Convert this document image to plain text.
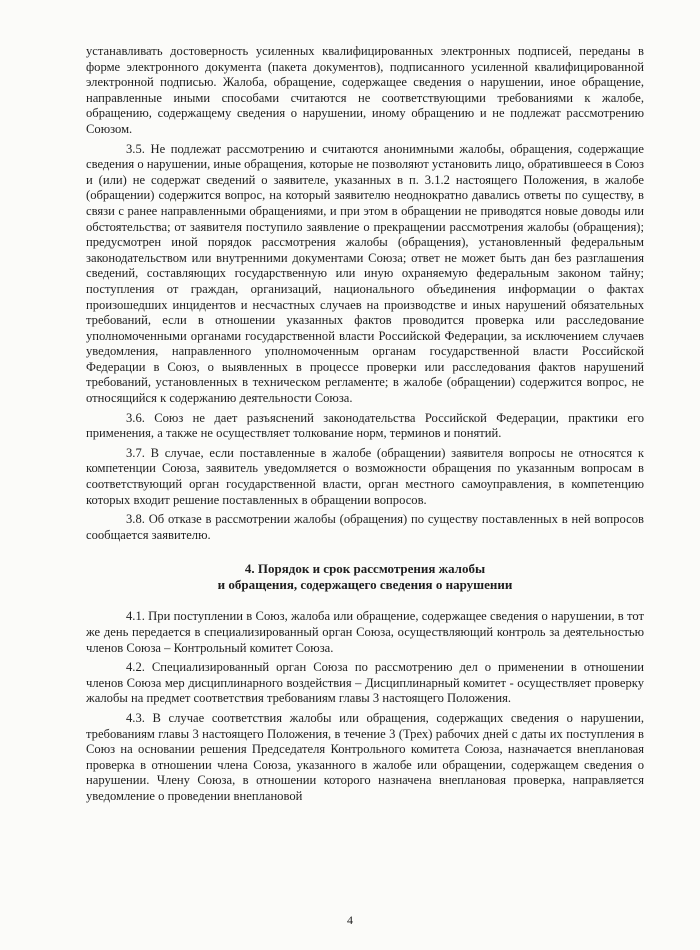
устанавливать достоверность усиленных квалифицированных электронных подписей, переданы в форме электронного документа (пакета документов), подписанного усиленной квалифицированной электронной подписью. Жалоба, обращение, содержащее сведения о нарушении, иное обращение, направленные иными способами считаются не соответствующими требованиями к жалобе, обращению, содержащему сведения о нарушении, иному обращению и не подлежат рассмотрению Союзом.

3.5. Не подлежат рассмотрению и считаются анонимными жалобы, обращения, содержащие сведения о нарушении, иные обращения, которые не позволяют установить лицо, обратившееся в Союз и (или) не содержат сведений о заявителе, указанных в п. 3.1.2 настоящего Положения, в жалобе (обращении) содержится вопрос, на который заявителю неоднократно давались ответы по существу, в связи с ранее направленными обращениями, и при этом в обращении не приводятся новые доводы или обстоятельства; от заявителя поступило заявление о прекращении рассмотрения жалобы (обращения); предусмотрен иной порядок рассмотрения жалобы (обращения), установленный федеральным законодательством или внутренними документами Союза; ответ не может быть дан без разглашения сведений, составляющих государственную или иную охраняемую федеральным законом тайну; поступления от граждан, организаций, национального объединения информации о фактах произошедших инцидентов и несчастных случаев на производстве и иных нарушений обязательных требований, если в отношении указанных фактов проводится проверка или расследование уполномоченными органами государственной власти Российской Федерации, за исключением случаев уведомления, направленного уполномоченным органам государственной власти Российской Федерации в Союз, о выявленных в процессе проверки или расследования фактов нарушений требований, установленных в техническом регламенте; в жалобе (обращении) содержится вопрос, не относящийся к содержанию деятельности Союза.

3.6. Союз не дает разъяснений законодательства Российской Федерации, практики его применения, а также не осуществляет толкование норм, терминов и понятий.

3.7. В случае, если поставленные в жалобе (обращении) заявителя вопросы не относятся к компетенции Союза, заявитель уведомляется о возможности обращения по указанным вопросам в соответствующий орган государственной власти, орган местного самоуправления, в компетенцию которых входит решение поставленных в обращении вопросов.

3.8. Об отказе в рассмотрении жалобы (обращения) по существу поставленных в ней вопросов сообщается заявителю.

4. Порядок и срок рассмотрения жалобы
и обращения, содержащего сведения о нарушении

4.1. При поступлении в Союз, жалоба или обращение, содержащее сведения о нарушении, в тот же день передается в специализированный орган Союза, осуществляющий контроль за деятельностью членов Союза – Контрольный комитет Союза.

4.2. Специализированный орган Союза по рассмотрению дел о применении в отношении членов Союза мер дисциплинарного воздействия – Дисциплинарный комитет - осуществляет проверку жалобы на предмет соответствия требованиям главы 3 настоящего Положения.

4.3. В случае соответствия жалобы или обращения, содержащих сведения о нарушении, требованиям главы 3 настоящего Положения, в течение 3 (Трех) рабочих дней с даты их поступления в Союз на основании решения Председателя Контрольного комитета Союза, назначается внеплановая проверка в отношении члена Союза, указанного в жалобе или обращении, содержащем сведения о нарушении. Члену Союза, в отношении которого назначена внеплановая проверка, направляется уведомление о проведении внеплановой

4
